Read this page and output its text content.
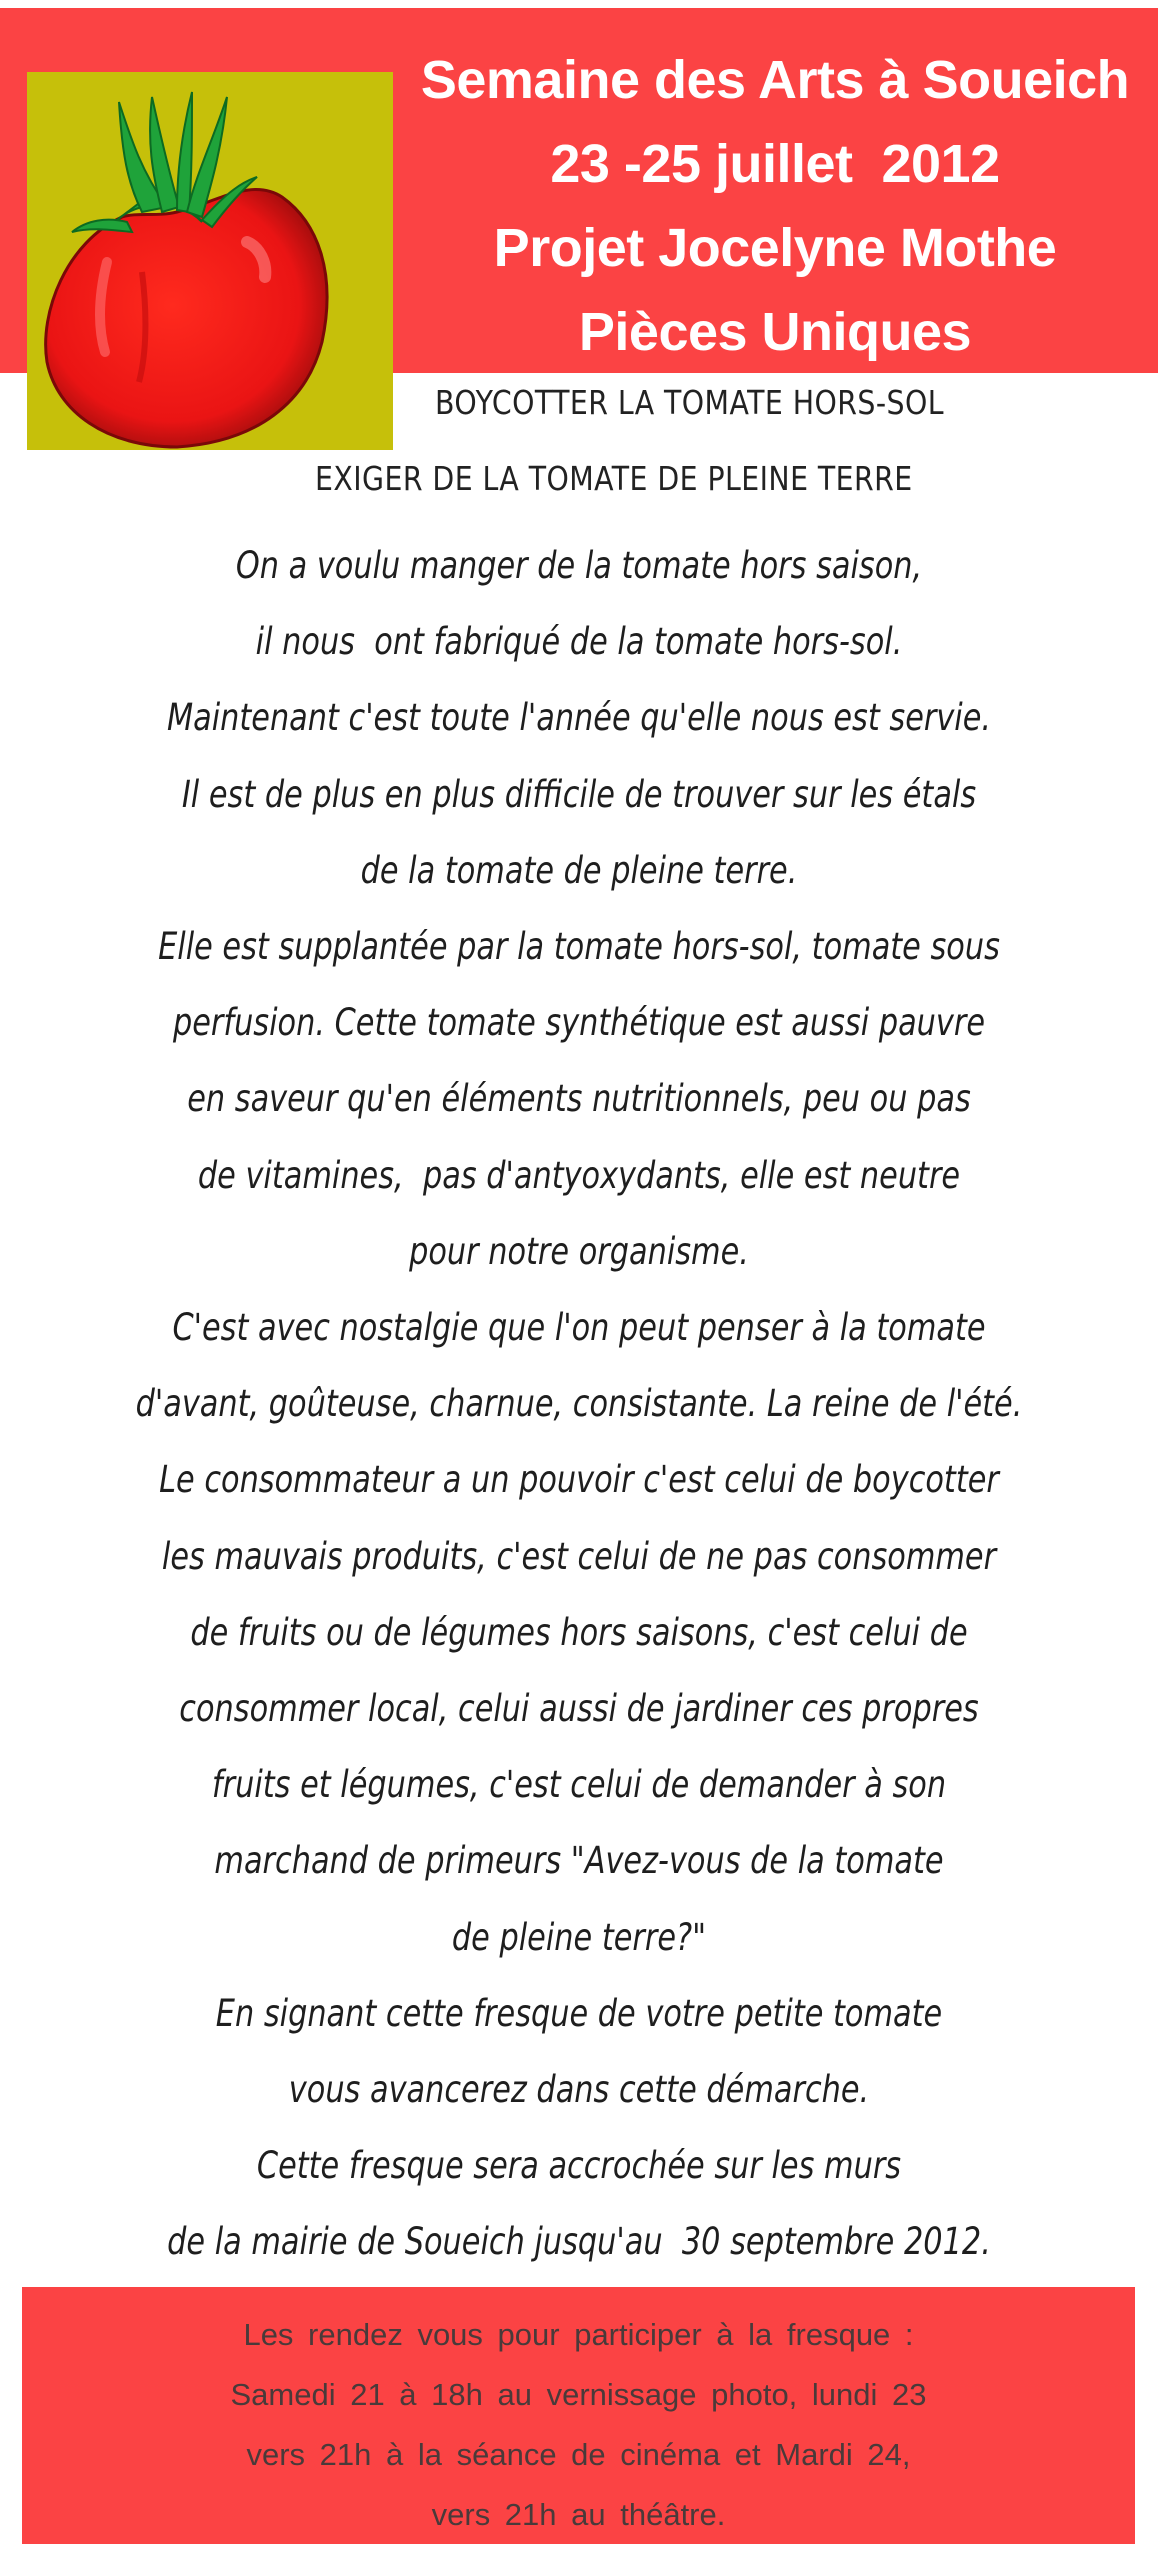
Semaine des Arts à Soueich
23 -25 juillet  2012
Projet Jocelyne Mothe
Pièces Uniques
BOYCOTTER LA TOMATE HORS-SOL
EXIGER DE LA TOMATE DE PLEINE TERRE
On a voulu manger de la tomate hors saison,
il nous  ont fabriqué de la tomate hors-sol.
Maintenant c'est toute l'année qu'elle nous est servie.
Il est de plus en plus difficile de trouver sur les étals
de la tomate de pleine terre.
Elle est supplantée par la tomate hors-sol, tomate sous
perfusion. Cette tomate synthétique est aussi pauvre
en saveur qu'en éléments nutritionnels, peu ou pas
de vitamines,  pas d'antyoxydants, elle est neutre
pour notre organisme.
C'est avec nostalgie que l'on peut penser à la tomate
d'avant, goûteuse, charnue, consistante. La reine de l'été.
Le consommateur a un pouvoir c'est celui de boycotter
les mauvais produits, c'est celui de ne pas consommer
de fruits ou de légumes hors saisons, c'est celui de
consommer local, celui aussi de jardiner ces propres
fruits et légumes, c'est celui de demander à son
marchand de primeurs "Avez-vous de la tomate
de pleine terre?"
En signant cette fresque de votre petite tomate
vous avancerez dans cette démarche.
Cette fresque sera accrochée sur les murs
de la mairie de Soueich jusqu'au  30 septembre 2012.
Les rendez vous pour participer à la fresque :
Samedi 21 à 18h au vernissage photo, lundi 23
vers 21h à la séance de cinéma et Mardi 24,
vers 21h au théâtre.
